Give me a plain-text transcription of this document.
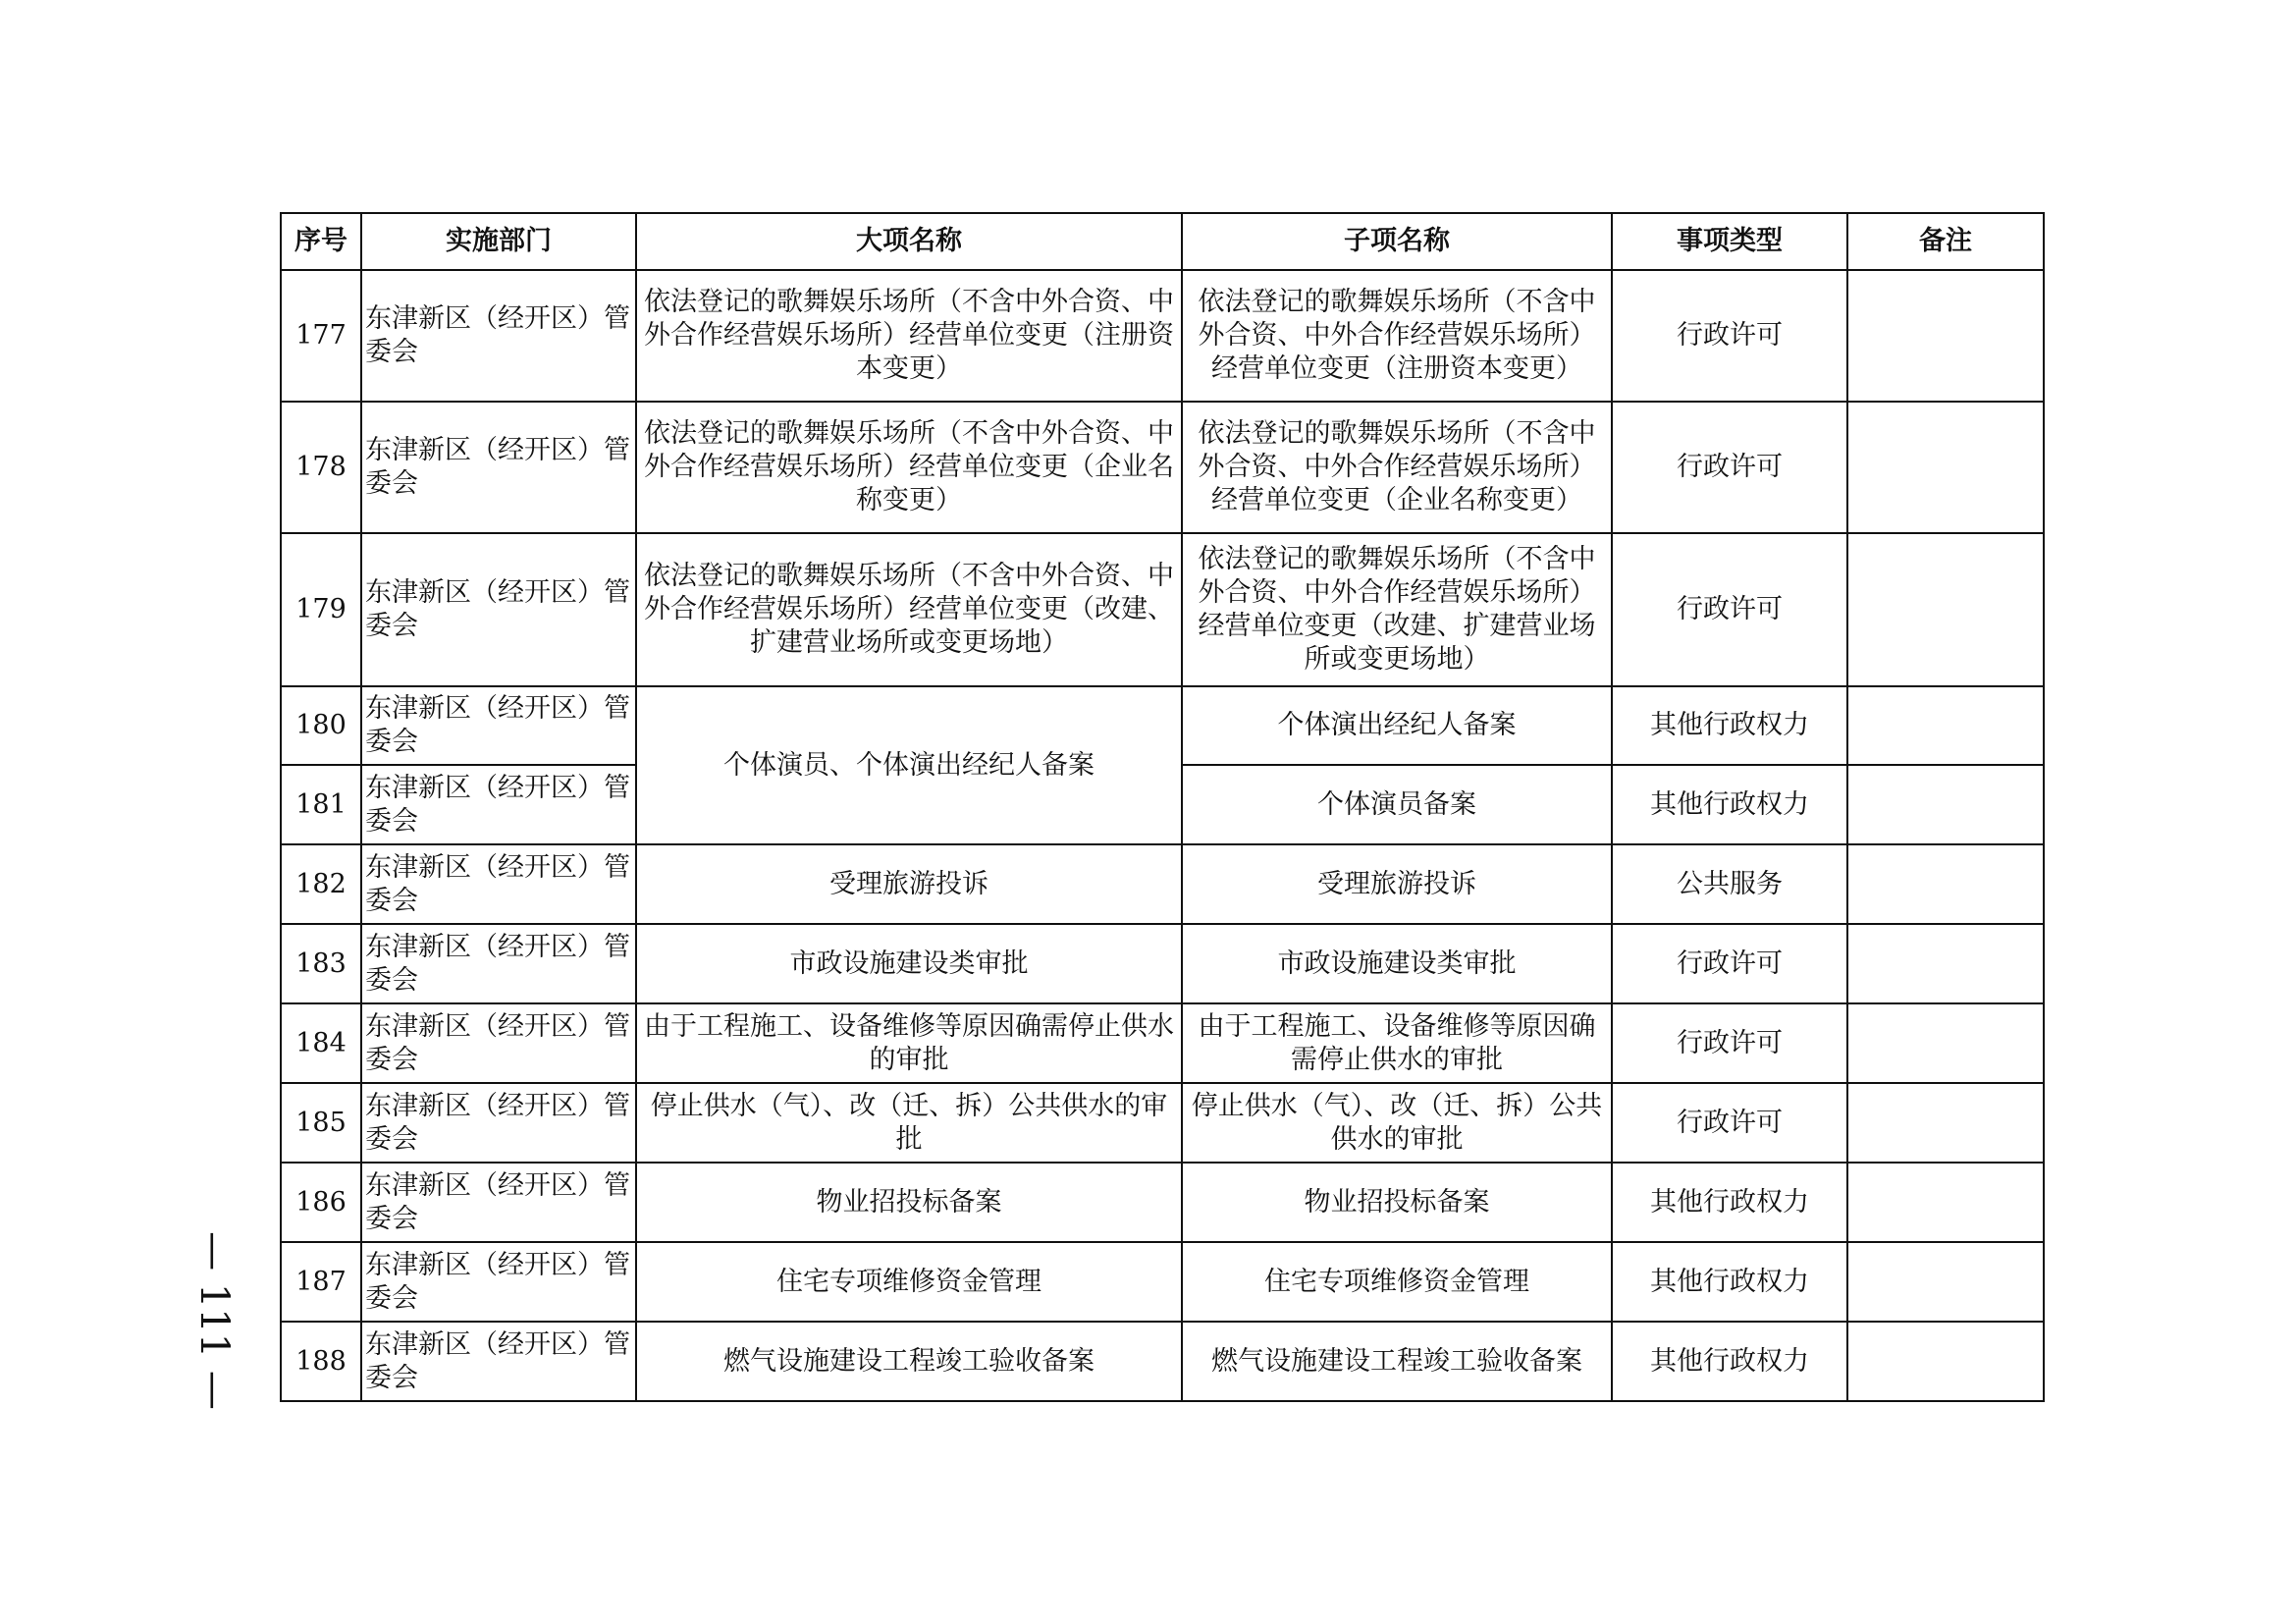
序号	实施部门	大项名称	子项名称	事项类型	备注
177	东津新区（经开区）管委会	依法登记的歌舞娱乐场所（不含中外合资、中外合作经营娱乐场所）经营单位变更（注册资本变更）	依法登记的歌舞娱乐场所（不含中外合资、中外合作经营娱乐场所）经营单位变更（注册资本变更）	行政许可	
178	东津新区（经开区）管委会	依法登记的歌舞娱乐场所（不含中外合资、中外合作经营娱乐场所）经营单位变更（企业名称变更）	依法登记的歌舞娱乐场所（不含中外合资、中外合作经营娱乐场所）经营单位变更（企业名称变更）	行政许可	
179	东津新区（经开区）管委会	依法登记的歌舞娱乐场所（不含中外合资、中外合作经营娱乐场所）经营单位变更（改建、扩建营业场所或变更场地）	依法登记的歌舞娱乐场所（不含中外合资、中外合作经营娱乐场所）经营单位变更（改建、扩建营业场所或变更场地）	行政许可	
180	东津新区（经开区）管委会	个体演员、个体演出经纪人备案	个体演出经纪人备案	其他行政权力	
181	东津新区（经开区）管委会		个体演员备案	其他行政权力	
182	东津新区（经开区）管委会	受理旅游投诉	受理旅游投诉	公共服务	
183	东津新区（经开区）管委会	市政设施建设类审批	市政设施建设类审批	行政许可	
184	东津新区（经开区）管委会	由于工程施工、设备维修等原因确需停止供水的审批	由于工程施工、设备维修等原因确需停止供水的审批	行政许可	
185	东津新区（经开区）管委会	停止供水（气）、改（迁、拆）公共供水的审批	停止供水（气）、改（迁、拆）公共供水的审批	行政许可	
186	东津新区（经开区）管委会	物业招投标备案	物业招投标备案	其他行政权力	
187	东津新区（经开区）管委会	住宅专项维修资金管理	住宅专项维修资金管理	其他行政权力	
188	东津新区（经开区）管委会	燃气设施建设工程竣工验收备案	燃气设施建设工程竣工验收备案	其他行政权力	
— 111 —
